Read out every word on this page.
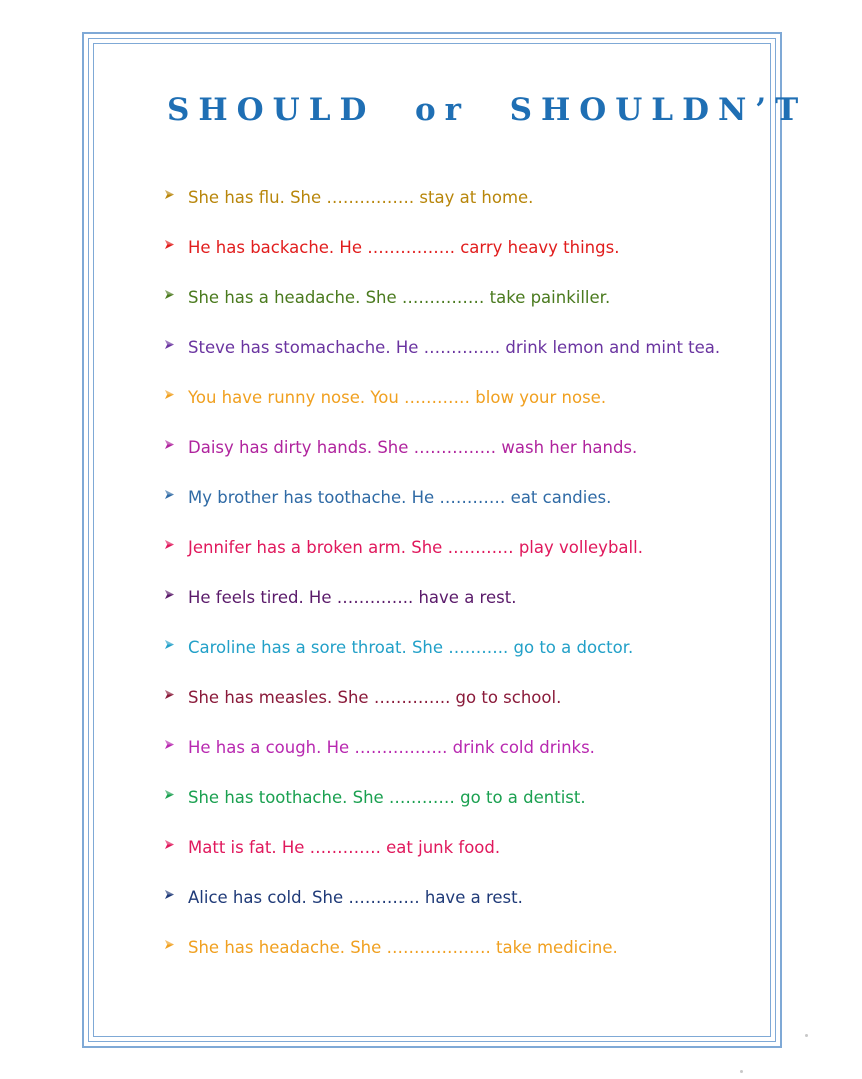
SHOULD  or  SHOULDN’T
She has flu. She ……………. stay at home.
He has backache. He ……………. carry heavy things.
She has a headache. She …………… take painkiller.
Steve has stomachache. He ………….. drink lemon and mint tea.
You have runny nose. You ………… blow your nose.
Daisy has dirty hands. She …………… wash her hands.
My brother has toothache. He ………… eat candies.
Jennifer has a broken arm. She ………… play volleyball.
He feels tired. He ………….. have a rest.
Caroline has a sore throat. She ……….. go to a doctor.
She has measles. She ………….. go to school.
He has a cough. He …………….. drink cold drinks.
She has toothache. She ………… go to a dentist.
Matt is fat. He …………. eat junk food.
Alice has cold. She …………. have a rest.
She has headache. She ………………. take medicine.
